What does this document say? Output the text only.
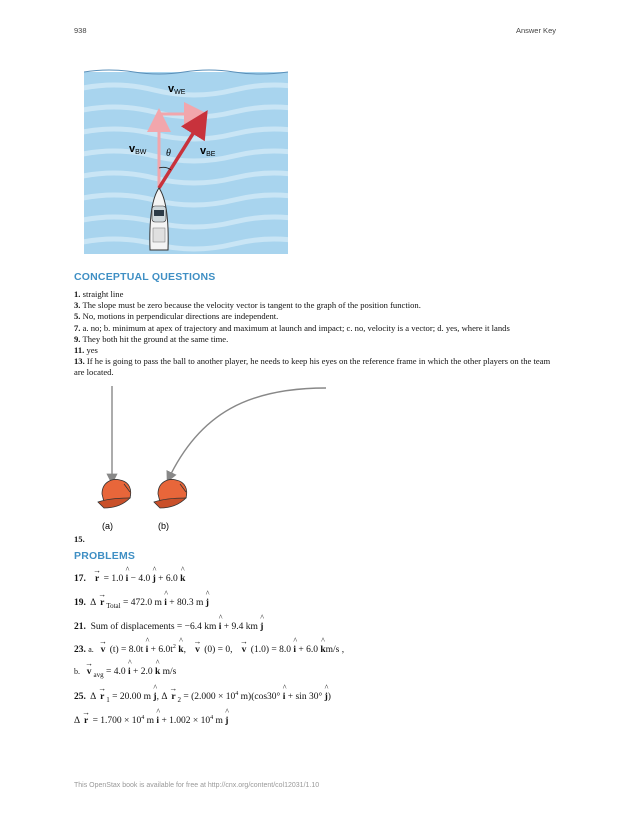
938	Answer Key
vWE
vBW	vBE
θ
CONCEPTUAL QUESTIONS

1. straight line

3. The slope must be zero because the velocity vector is tangent to the graph of the position function.

5. No, motions in perpendicular directions are independent.

7. a. no; b. minimum at apex of trajectory and maximum at launch and impact; c. no, velocity is a vector; d. yes, where it lands

9. They both hit the ground at the same time.

11. yes

13. If he is going to pass the ball to another player, he needs to keep his eyes on the reference frame in which the other players on the team are located.

(a)	(b)
15.
PROBLEMS
17. → r = 1.0 ^ i − 4.0 ^ j + 6.0 ^ k
19. Δ → r $_{Total}$ = 472.0 m ^ i + 80.3 m ^ j
21. Sum of displacements = −6.4 km ^ i + 9.4 km ^ j
23. a. → v (t) = 8.0t ^ $i + 6.0t^2$ ^ k, → v (0) = 0, → v (1.0) = 8.0 ^ i + 6.0 ^ km/s ,
b. → v $_{avg}$ = 4.0 ^ i + 2.0 ^ k m/s
25. Δ → r $_1$ = 20.00 m ^ j, Δ → r $_2 = (2.000 \times 10^4$ m)(cos30° ^ i + sin 30° ^ j)
$\Delta \to r = 1.700 \times 10^4$ m ^ $i + 1.002 \times 10^4$ m ^ j
This OpenStax book is available for free at http://cnx.org/content/col12031/1.10
